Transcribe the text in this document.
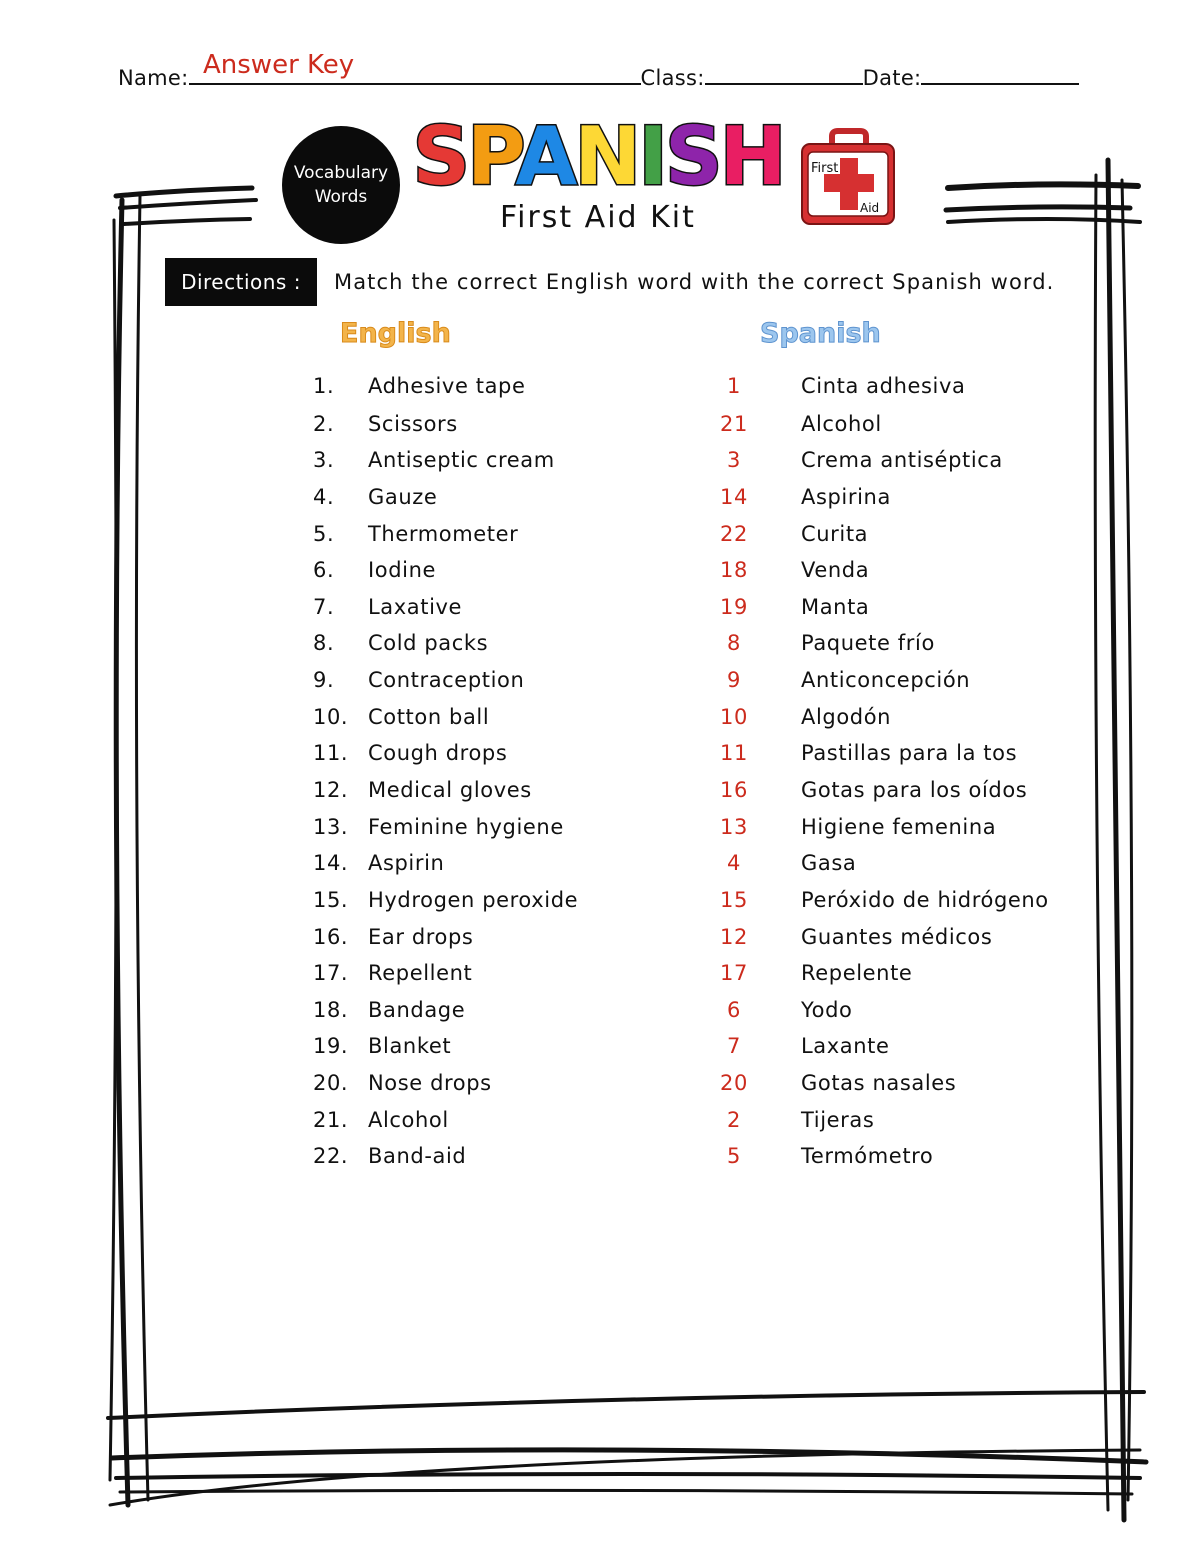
Name:	Class:	Date:
Answer Key
Vocabulary
Words SPANISH
First Aid Kit
First
Aid
Directions :	Match the correct English word with the correct Spanish word.
English	Spanish
1. Adhesive tape	1	Cinta adhesiva
2. Scissors	21	Alcohol
3. Antiseptic cream	3	Crema antiséptica
4. Gauze	14	Aspirina
5. Thermometer	22	Curita
6. Iodine	18	Venda
7. Laxative	19	Manta
8. Cold packs	8	Paquete frío
9. Contraception	9	Anticoncepción
10. Cotton ball	10	Algodón
11. Cough drops	11	Pastillas para la tos
12. Medical gloves	16	Gotas para los oídos
13. Feminine hygiene	13	Higiene femenina
14. Aspirin	4	Gasa
15. Hydrogen peroxide	15	Peróxido de hidrógeno
16. Ear drops	12	Guantes médicos
17. Repellent	17	Repelente
18. Bandage	6	Yodo
19. Blanket	7	Laxante
20. Nose drops	20	Gotas nasales
21. Alcohol	2	Tijeras
22. Band-aid	5	Termómetro
